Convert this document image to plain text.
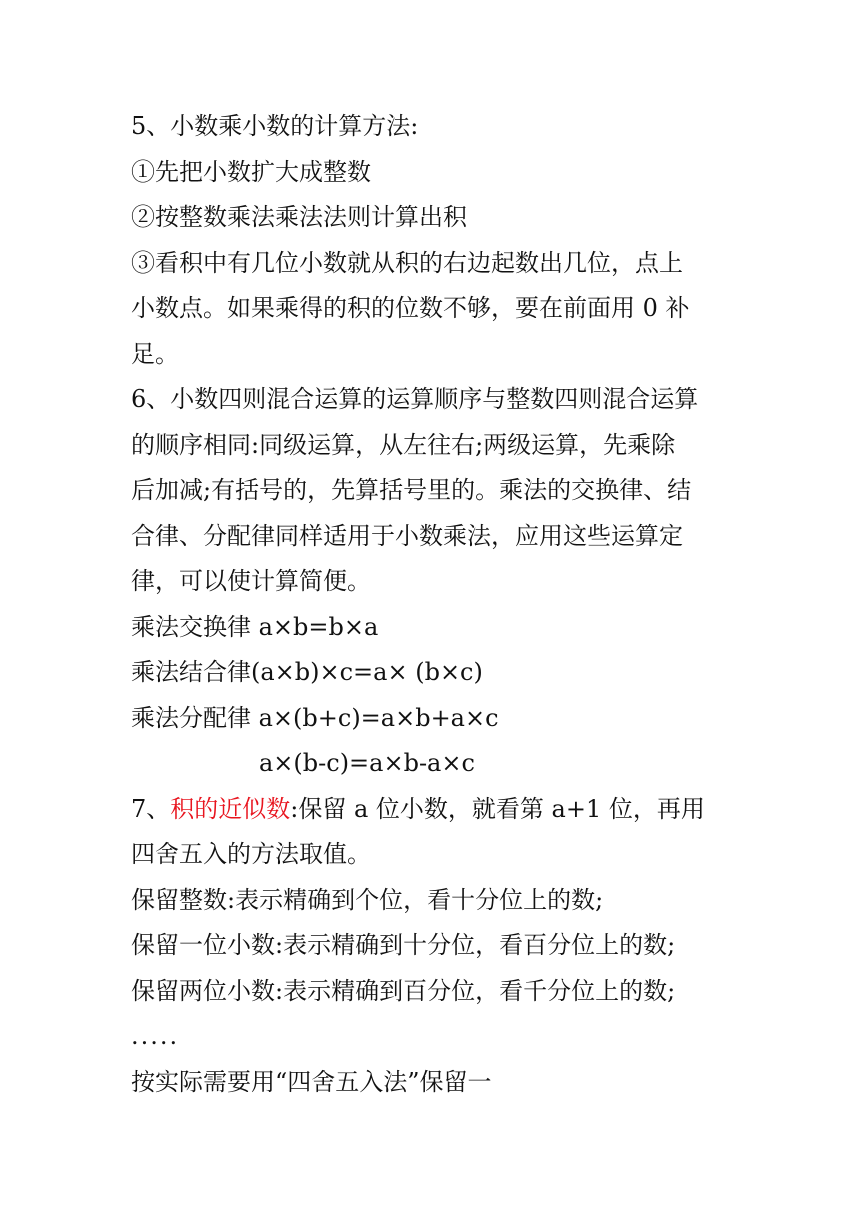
5、小数乘小数的计算方法:
①先把小数扩大成整数
②按整数乘法乘法法则计算出积
③看积中有几位小数就从积的右边起数出几位，点上
小数点。如果乘得的积的位数不够，要在前面用 0 补
足。
6、小数四则混合运算的运算顺序与整数四则混合运算
的顺序相同:同级运算，从左往右;两级运算，先乘除
后加减;有括号的，先算括号里的。乘法的交换律、结
合律、分配律同样适用于小数乘法，应用这些运算定
律，可以使计算简便。
乘法交换律 a×b=b×a
乘法结合律(a×b)×c=a× (b×c)
乘法分配律 a×(b+c)=a×b+a×c
a×(b-c)=a×b-a×c
7、积的近似数:保留 a 位小数，就看第 a+1 位，再用
四舍五入的方法取值。
保留整数:表示精确到个位，看十分位上的数;
保留一位小数:表示精确到十分位，看百分位上的数;
保留两位小数:表示精确到百分位，看千分位上的数;
.....
按实际需要用“四舍五入法”保留一
